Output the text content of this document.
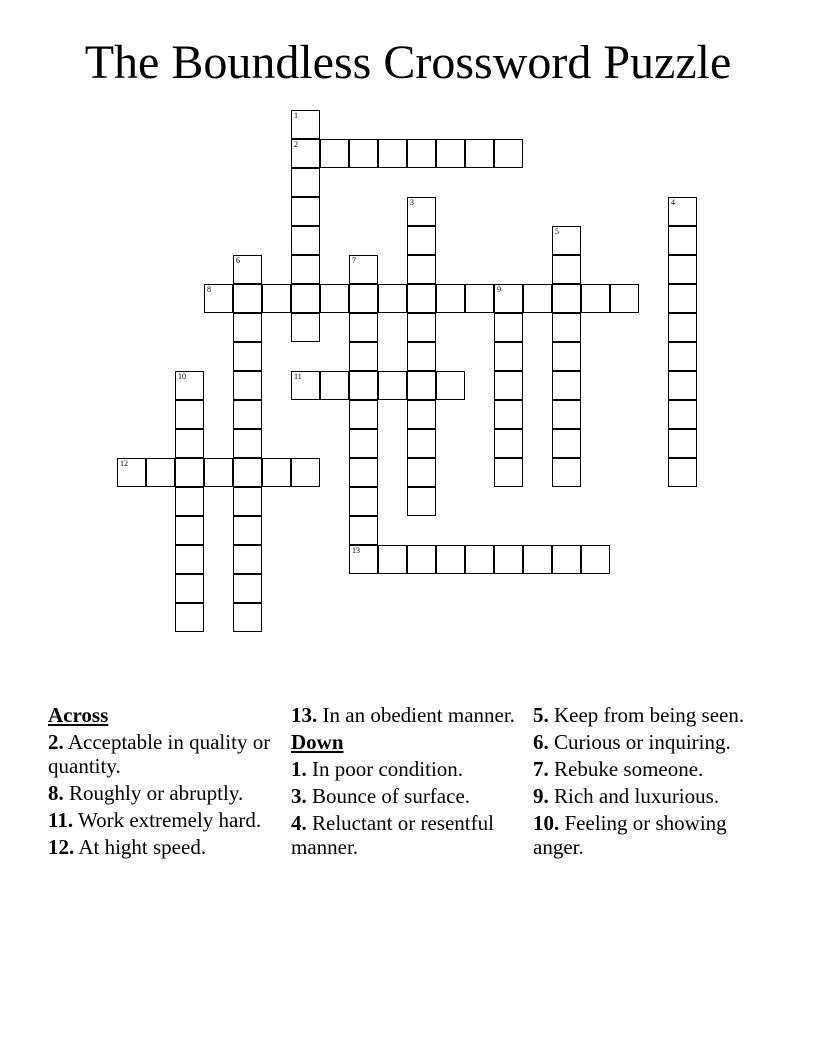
The Boundless Crossword Puzzle
2
8	9
11
12
13
1
3	4
5
6	7
10
Across
2. Acceptable in quality or quantity.
8. Roughly or abruptly.
11. Work extremely hard.
12. At hight speed.
13. In an obedient manner.
Down
1. In poor condition.
3. Bounce of surface.
4. Reluctant or resentful manner.
5. Keep from being seen.
6. Curious or inquiring.
7. Rebuke someone.
9. Rich and luxurious.
10. Feeling or showing anger.
